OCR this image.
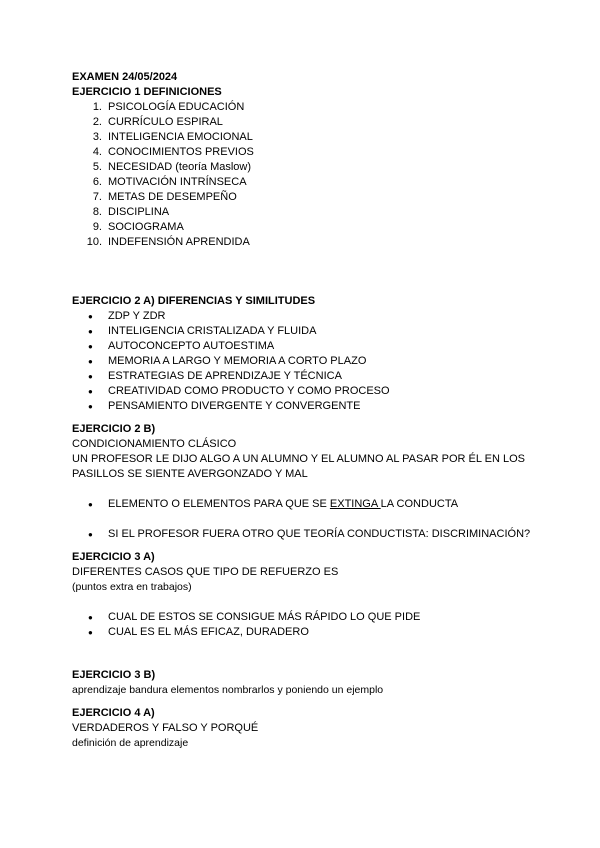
EXAMEN 24/05/2024
EJERCICIO 1 DEFINICIONES
1. PSICOLOGÍA EDUCACIÓN
2. CURRÍCULO ESPIRAL
3. INTELIGENCIA EMOCIONAL
4. CONOCIMIENTOS PREVIOS
5. NECESIDAD (teoría Maslow)
6. MOTIVACIÓN INTRÍNSECA
7. METAS DE DESEMPEÑO
8. DISCIPLINA
9. SOCIOGRAMA
10. INDEFENSIÓN APRENDIDA
EJERCICIO 2 A) DIFERENCIAS Y SIMILITUDES
● ZDP Y ZDR
● INTELIGENCIA CRISTALIZADA Y FLUIDA
● AUTOCONCEPTO AUTOESTIMA
● MEMORIA A LARGO Y MEMORIA A CORTO PLAZO
● ESTRATEGIAS DE APRENDIZAJE Y TÉCNICA
● CREATIVIDAD COMO PRODUCTO Y COMO PROCESO
● PENSAMIENTO DIVERGENTE Y CONVERGENTE
EJERCICIO 2 B)
CONDICIONAMIENTO CLÁSICO
UN PROFESOR LE DIJO ALGO A UN ALUMNO Y EL ALUMNO AL PASAR POR ÉL EN LOS PASILLOS SE SIENTE AVERGONZADO Y MAL
● ELEMENTO O ELEMENTOS PARA QUE SE EXTINGA LA CONDUCTA
● SI EL PROFESOR FUERA OTRO QUE TEORÍA CONDUCTISTA: DISCRIMINACIÓN?
EJERCICIO 3 A)
DIFERENTES CASOS QUE TIPO DE REFUERZO ES
(puntos extra en trabajos)
● CUAL DE ESTOS SE CONSIGUE MÁS RÁPIDO LO QUE PIDE
● CUAL ES EL MÁS EFICAZ, DURADERO
EJERCICIO 3 B)
aprendizaje bandura elementos nombrarlos y poniendo un ejemplo
EJERCICIO 4 A)
VERDADEROS Y FALSO Y PORQUÉ
definición de aprendizaje
